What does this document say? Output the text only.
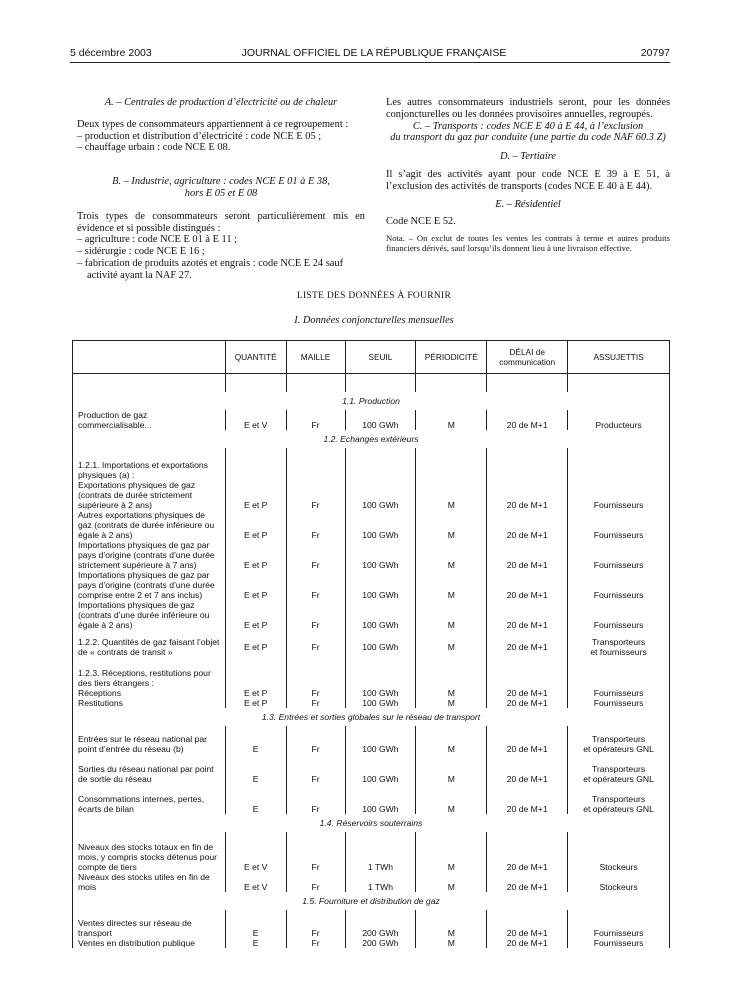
5 décembre 2003	JOURNAL OFFICIEL DE LA RÉPUBLIQUE FRANÇAISE	20797

A. – Centrales de production d’électricité ou de chaleur

Deux types de consommateurs appartiennent à ce regroupement :

– production et distribution d’électricité : code NCE E 05 ;

– chauffage urbain : code NCE E 08.

B. – Industrie, agriculture : codes NCE E 01 à E 38,

hors E 05 et E 08

Trois types de consommateurs seront particulièrement mis en évidence et si possible distingués :

– agriculture : code NCE E 01 à E 11 ;

– sidérurgie : code NCE E 16 ;

– fabrication de produits azotés et engrais : code NCE E 24 sauf activité ayant la NAF 27.

Les autres consommateurs industriels seront, pour les données conjoncturelles ou les données provisoires annuelles, regroupés.

C. – Transports : codes NCE E 40 à E 44, à l’exclusion

du transport du gaz par conduite (une partie du code NAF 60.3 Z)

D. – Tertiaire

Il s’agit des activités ayant pour code NCE E 39 à E 51, à l’exclusion des activités de transports (codes NCE E 40 à E 44).

E. – Résidentiel

Code NCE E 52.

Nota. – On exclut de toutes les ventes les contrats à terme et autres produits financiers dérivés, sauf lorsqu’ils donnent lieu à une livraison effective.

LISTE DES DONNÉES À FOURNIR
I. Données conjoncturelles mensuelles
	QUANTITÉ	MAILLE	SEUIL	PÉRIODICITÉ	DÉLAI de communication	ASSUJETTIS

1.1. Production						
Production de gaz commercialisable...	E et V	Fr	100 GWh	M	20 de M+1	Producteurs
1.2. Echanges extérieurs						
1.2.1. Importations et exportations physiques (a) :						
Exportations physiques de gaz (contrats de durée strictement supérieure à 2 ans)	E et P	Fr	100 GWh	M	20 de M+1	Fournisseurs
Autres exportations physiques de gaz (contrats de durée inférieure ou égale à 2 ans)	E et P	Fr	100 GWh	M	20 de M+1	Fournisseurs
Importations physiques de gaz par pays d’origine (contrats d’une durée strictement supérieure à 7 ans)	E et P	Fr	100 GWh	M	20 de M+1	Fournisseurs
Importations physiques de gaz par pays d’origine (contrats d’une durée comprise entre 2 et 7 ans inclus)	E et P	Fr	100 GWh	M	20 de M+1	Fournisseurs
Importations physiques de gaz (contrats d’une durée inférieure ou égale à 2 ans)	E et P	Fr	100 GWh	M	20 de M+1	Fournisseurs
1.2.2. Quantités de gaz faisant l’objet de « contrats de transit »	E et P	Fr	100 GWh	M	20 de M+1	Transporteurs
et fournisseurs

1.2.3. Réceptions, restitutions pour des tiers étrangers :						
Réceptions	E et P	Fr	100 GWh	M	20 de M+1	Fournisseurs
Restitutions	E et P	Fr	100 GWh	M	20 de M+1	Fournisseurs
1.3. Entrées et sorties globales sur le réseau de transport						
Entrées sur le réseau national par point d’entrée du réseau (b)	E	Fr	100 GWh	M	20 de M+1	Transporteurs
et opérateurs GNL

Sorties du réseau national par point de sortie du réseau	E	Fr	100 GWh	M	20 de M+1	Transporteurs
et opérateurs GNL

Consommations internes, pertes, écarts de bilan	E	Fr	100 GWh	M	20 de M+1	Transporteurs
et opérateurs GNL

1.4. Réservoirs souterrains						
Niveaux des stocks totaux en fin de mois, y compris stocks détenus pour compte de tiers	E et V	Fr	1 TWh	M	20 de M+1	Stockeurs
Niveaux des stocks utiles en fin de mois	E et V	Fr	1 TWh	M	20 de M+1	Stockeurs
1.5. Fourniture et distribution de gaz						
Ventes directes sur réseau de transport	E	Fr	200 GWh	M	20 de M+1	Fournisseurs
Ventes en distribution publique	E	Fr	200 GWh	M	20 de M+1	Fournisseurs
